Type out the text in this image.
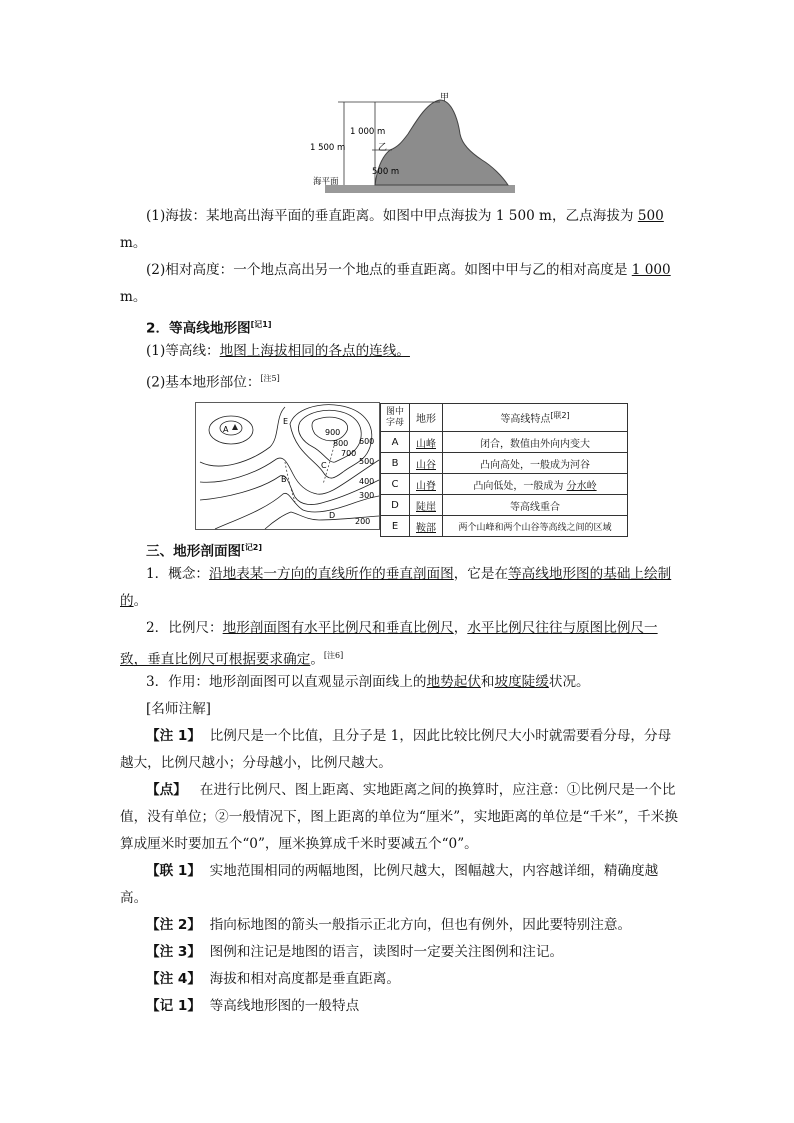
甲
乙
1 000 m
1 500 m
500 m
海平面
(1)海拔：某地高出海平面的垂直距离。如图中甲点海拔为 1 500 m，乙点海拔为 500
m。
(2)相对高度：一个地点高出另一个地点的垂直距离。如图中甲与乙的相对高度是 1 000
m。
2．等高线地形图[记1]
(1)等高线：地图上海拔相同的各点的连线。
(2)基本地形部位：[注5]
A
E
900
800
700
C
B
D
600
500
400
300
200
图中字母	地形	等高线特点[联2]
A	山峰	闭合，数值由外向内变大
B	山谷	凸向高处，一般成为河谷
C	山脊	凸向低处，一般成为 分水岭
D	陡崖	等高线重合
E	鞍部	两个山峰和两个山谷等高线之间的区域
三、地形剖面图[记2]
1．概念：沿地表某一方向的直线所作的垂直剖面图，它是在等高线地形图的基础上绘制的。
2．比例尺：地形剖面图有水平比例尺和垂直比例尺，水平比例尺往往与原图比例尺一致，垂直比例尺可根据要求确定。[注6]
3．作用：地形剖面图可以直观显示剖面线上的地势起伏和坡度陡缓状况。
[名师注解]
【注 1】 比例尺是一个比值，且分子是 1，因此比较比例尺大小时就需要看分母，分母越大，比例尺越小；分母越小，比例尺越大。
【点】 在进行比例尺、图上距离、实地距离之间的换算时，应注意：①比例尺是一个比值，没有单位；②一般情况下，图上距离的单位为“厘米”，实地距离的单位是“千米”，千米换算成厘米时要加五个“0”，厘米换算成千米时要减五个“0”。
【联 1】 实地范围相同的两幅地图，比例尺越大，图幅越大，内容越详细，精确度越高。
【注 2】 指向标地图的箭头一般指示正北方向，但也有例外，因此要特别注意。
【注 3】 图例和注记是地图的语言，读图时一定要关注图例和注记。
【注 4】 海拔和相对高度都是垂直距离。
【记 1】 等高线地形图的一般特点
